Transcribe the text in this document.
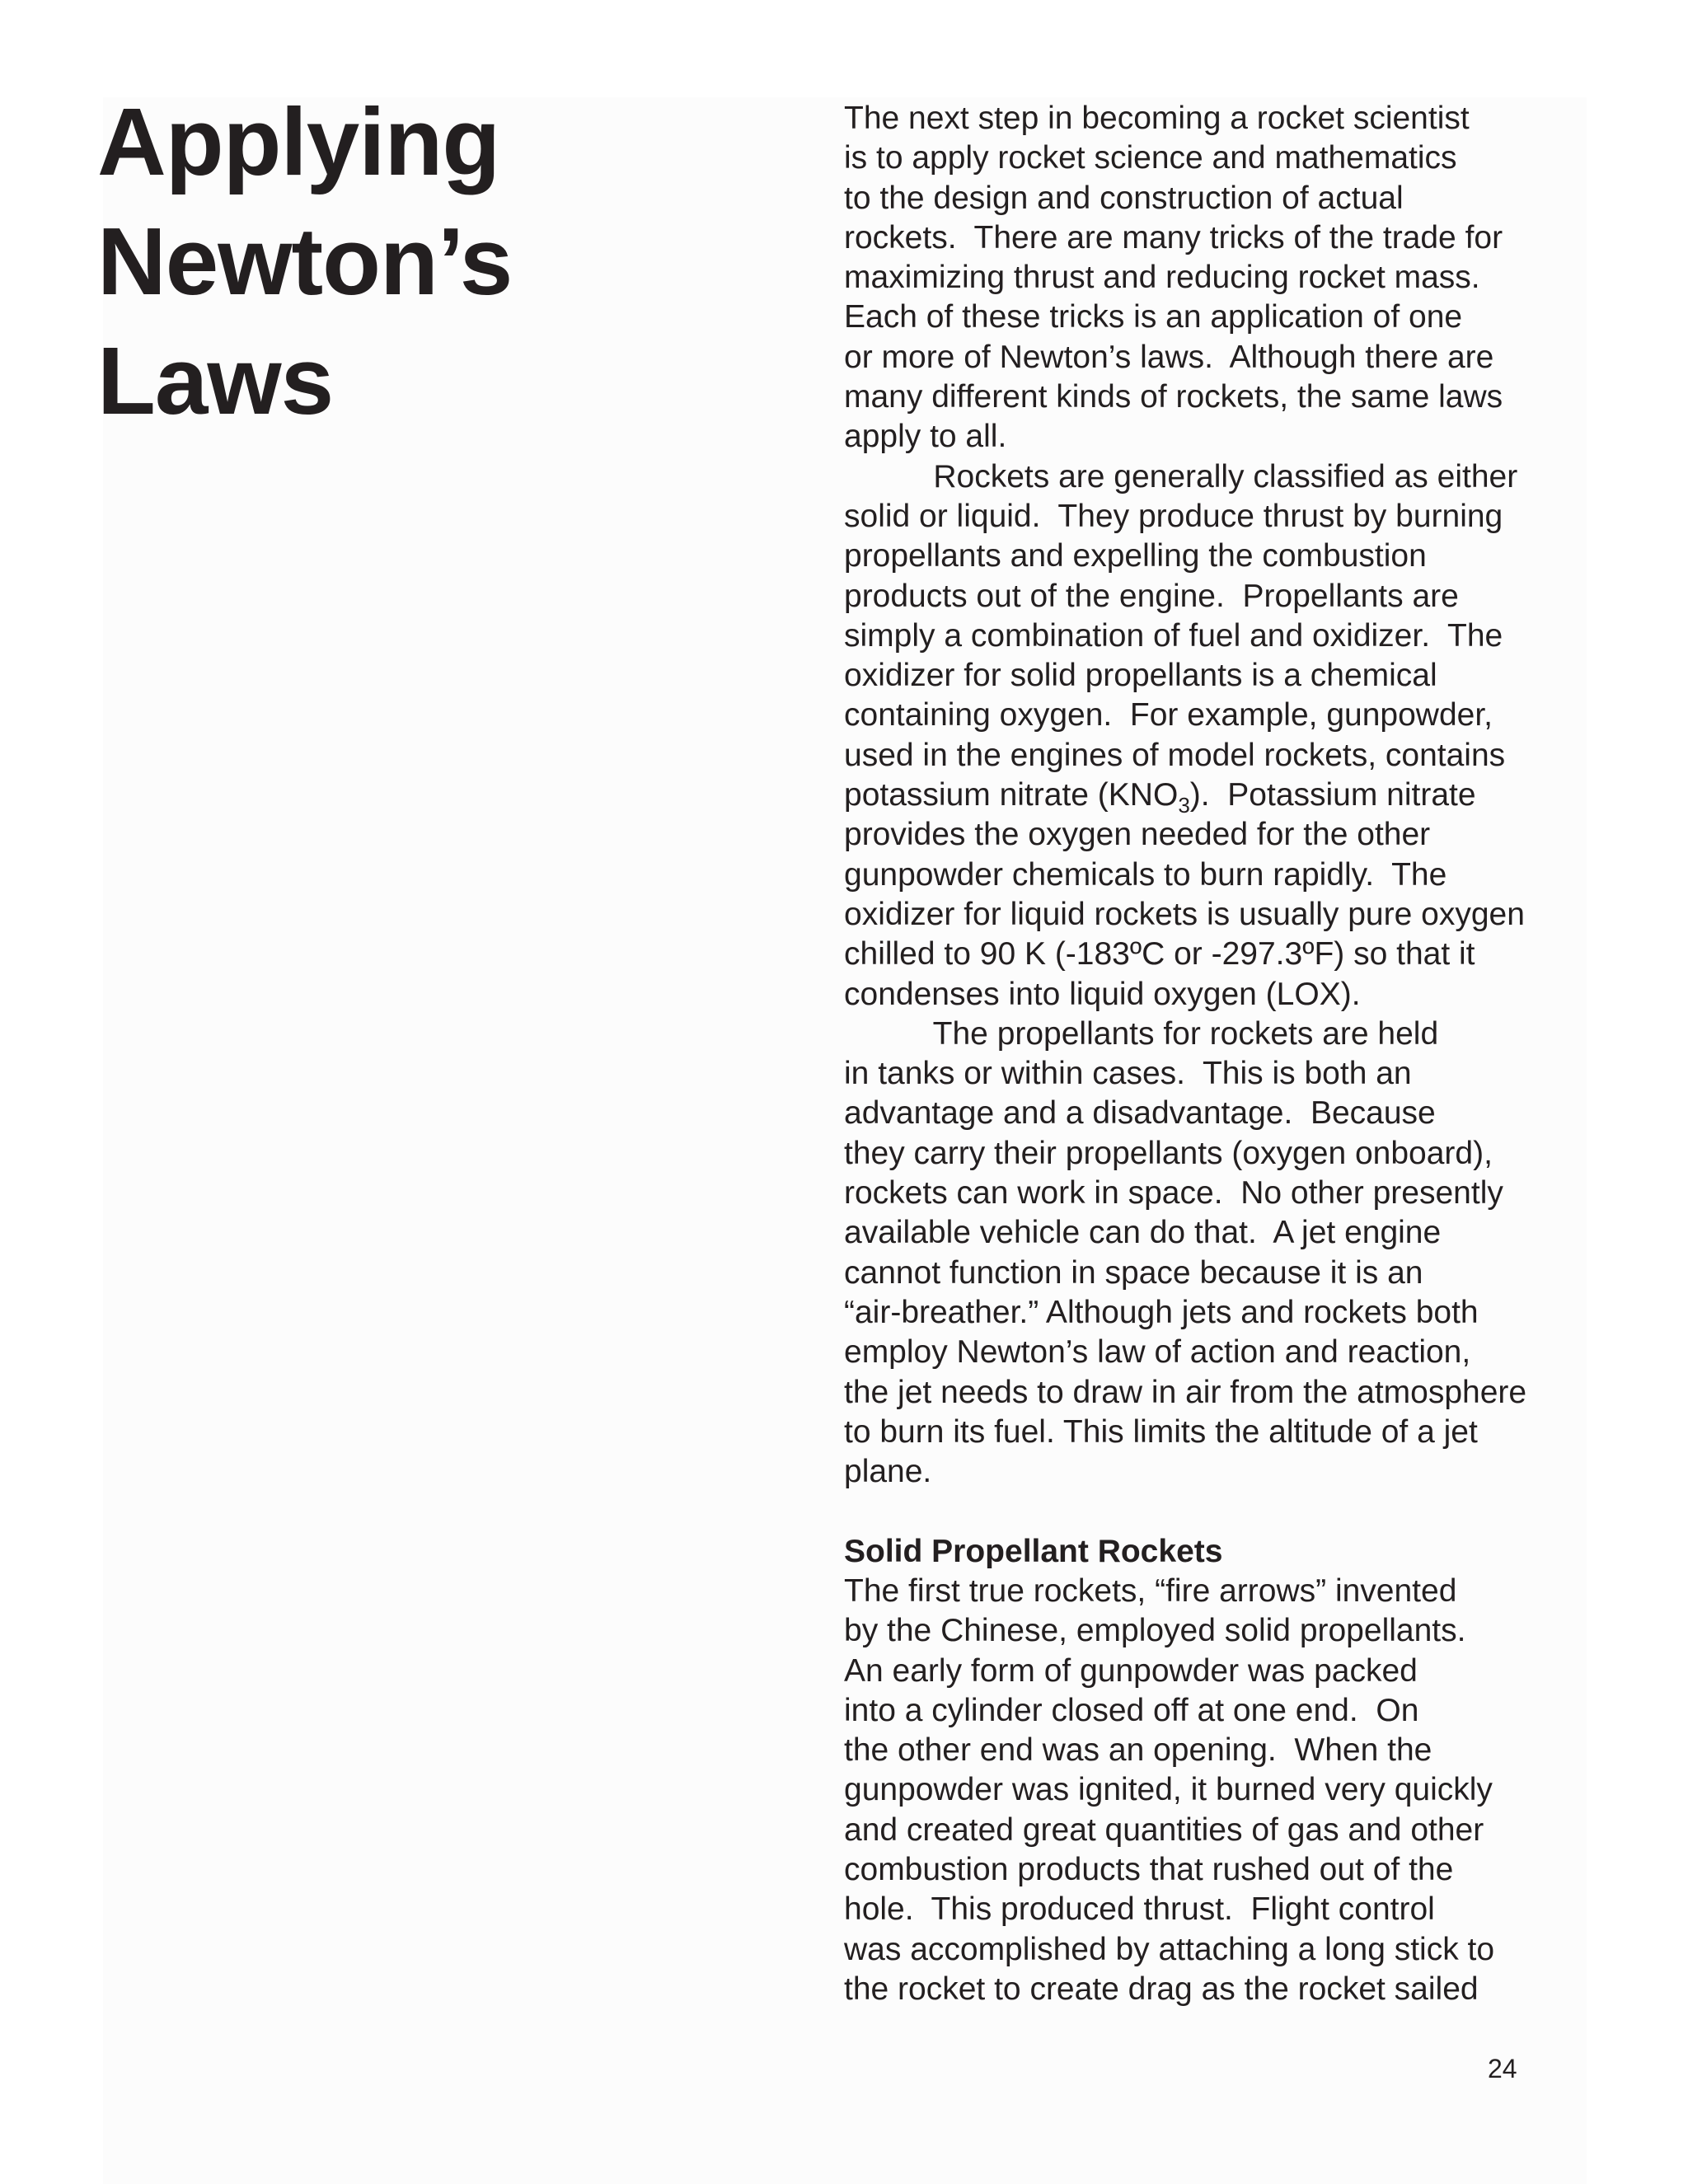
Applying
Newton’s
Laws
The next step in becoming a rocket scientist
is to apply rocket science and mathematics
to the design and construction of actual
rockets.  There are many tricks of the trade for
maximizing thrust and reducing rocket mass.
Each of these tricks is an application of one
or more of Newton’s laws.  Although there are
many different kinds of rockets, the same laws
apply to all.
Rockets are generally classified as either
solid or liquid.  They produce thrust by burning
propellants and expelling the combustion
products out of the engine.  Propellants are
simply a combination of fuel and oxidizer.  The
oxidizer for solid propellants is a chemical
containing oxygen.  For example, gunpowder,
used in the engines of model rockets, contains
potassium nitrate $(KNO_3)$.  Potassium nitrate
provides the oxygen needed for the other
gunpowder chemicals to burn rapidly.  The
oxidizer for liquid rockets is usually pure oxygen
chilled to 90 K (-183ºC or -297.3ºF) so that it
condenses into liquid oxygen (LOX).
The propellants for rockets are held
in tanks or within cases.  This is both an
advantage and a disadvantage.  Because
they carry their propellants (oxygen onboard),
rockets can work in space.  No other presently
available vehicle can do that.  A jet engine
cannot function in space because it is an
“air-breather.” Although jets and rockets both
employ Newton’s law of action and reaction,
the jet needs to draw in air from the atmosphere
to burn its fuel. This limits the altitude of a jet
plane.
Solid Propellant Rockets
The first true rockets, “fire arrows” invented
by the Chinese, employed solid propellants.
An early form of gunpowder was packed
into a cylinder closed off at one end.  On
the other end was an opening.  When the
gunpowder was ignited, it burned very quickly
and created great quantities of gas and other
combustion products that rushed out of the
hole.  This produced thrust.  Flight control
was accomplished by attaching a long stick to
the rocket to create drag as the rocket sailed
24
